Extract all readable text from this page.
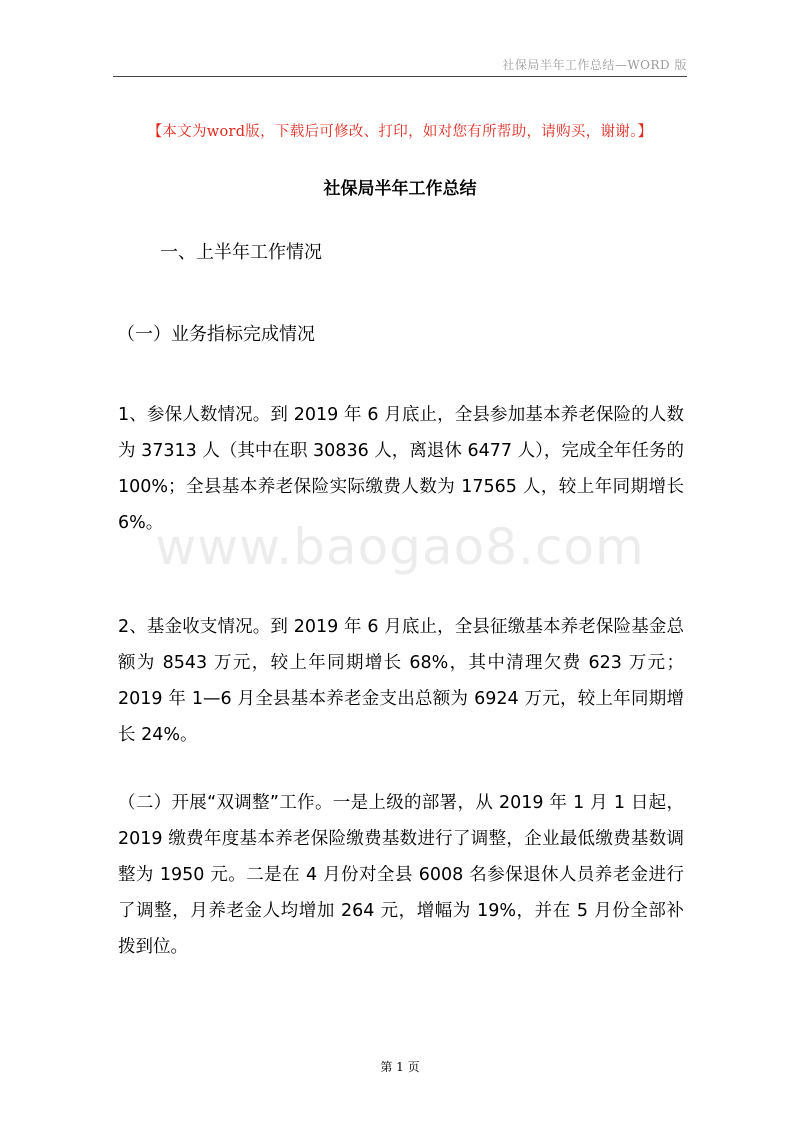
社保局半年工作总结—WORD 版
【本文为word版，下载后可修改、打印，如对您有所帮助，请购买，谢谢。】
社保局半年工作总结
一、上半年工作情况
（一）业务指标完成情况
1、参保人数情况。到 2019 年 6 月底止，全县参加基本养老保险的人数为 37313 人（其中在职 30836 人，离退休 6477 人），完成全年任务的 100%；全县基本养老保险实际缴费人数为 17565 人，较上年同期增长 6%。
2、基金收支情况。到 2019 年 6 月底止，全县征缴基本养老保险基金总额为 8543 万元，较上年同期增长 68%，其中清理欠费 623 万元；2019 年 1—6 月全县基本养老金支出总额为 6924 万元，较上年同期增长 24%。
（二）开展“双调整”工作。一是上级的部署，从 2019 年 1 月 1 日起，2019 缴费年度基本养老保险缴费基数进行了调整，企业最低缴费基数调整为 1950 元。二是在 4 月份对全县 6008 名参保退休人员养老金进行了调整，月养老金人均增加 264 元，增幅为 19%，并在 5 月份全部补拨到位。
www.baogao8.com
第 1 页
